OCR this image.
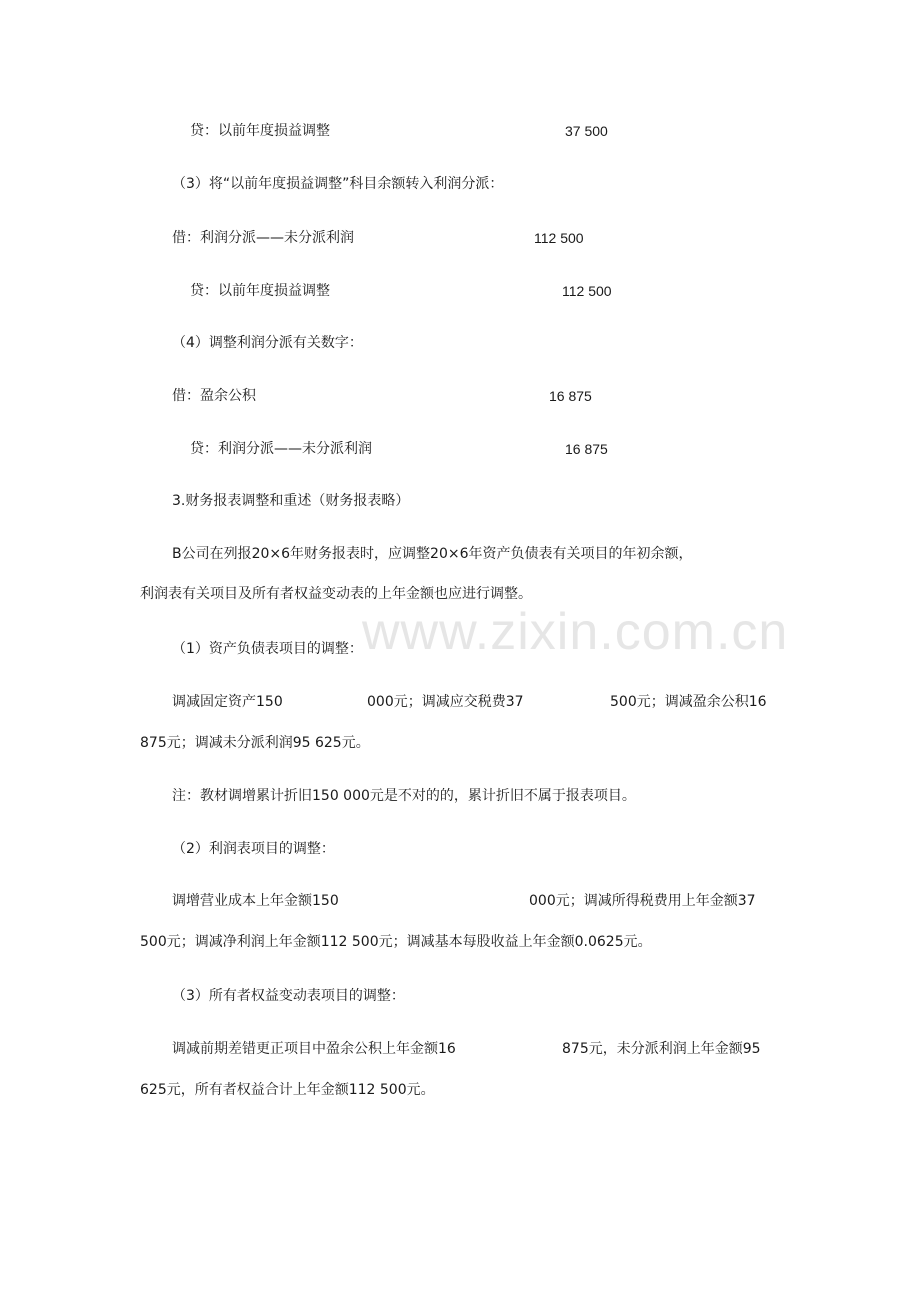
www.zixin.com.cn
贷：以前年度损益调整	37 500
（3）将“以前年度损益调整”科目余额转入利润分派：
借：利润分派——未分派利润	112 500
贷：以前年度损益调整	112 500
（4）调整利润分派有关数字：
借：盈余公积	16 875
贷：利润分派——未分派利润	16 875
3.财务报表调整和重述（财务报表略）
B公司在列报20×6年财务报表时，应调整20×6年资产负债表有关项目的年初余额，
利润表有关项目及所有者权益变动表的上年金额也应进行调整。
（1）资产负债表项目的调整：
调减固定资产150	000元；调减应交税费37	500元；调减盈余公积16
875元；调减未分派利润95 625元。
注：教材调增累计折旧150 000元是不对的的，累计折旧不属于报表项目。
（2）利润表项目的调整：
调增营业成本上年金额150	000元；调减所得税费用上年金额37
500元；调减净利润上年金额112 500元；调减基本每股收益上年金额0.0625元。
（3）所有者权益变动表项目的调整：
调减前期差错更正项目中盈余公积上年金额16	875元，未分派利润上年金额95
625元，所有者权益合计上年金额112 500元。
